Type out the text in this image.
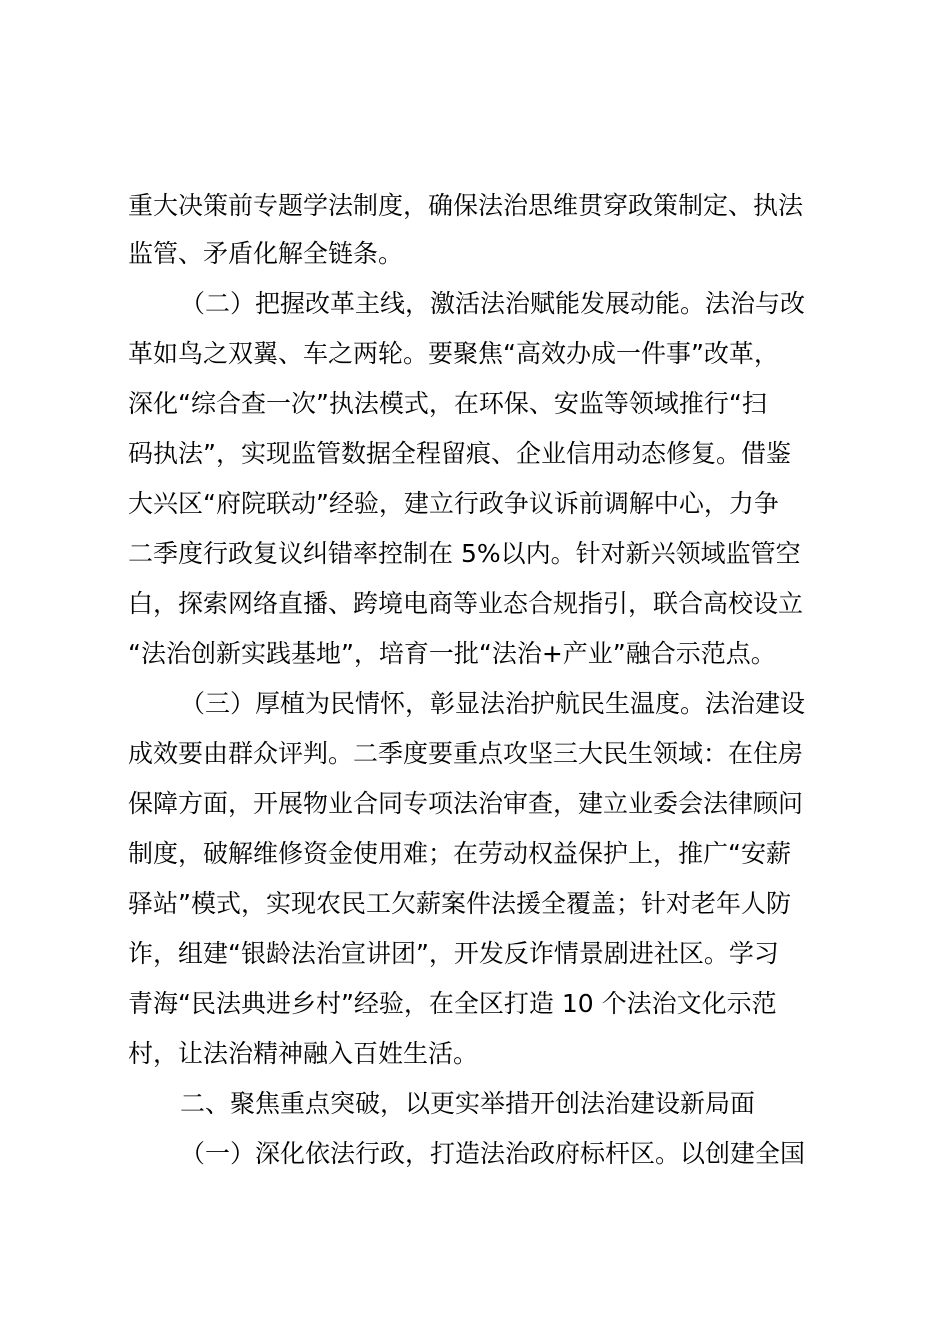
重大决策前专题学法制度，确保法治思维贯穿政策制定、执法
监管、矛盾化解全链条。
（二）把握改革主线，激活法治赋能发展动能。法治与改
革如鸟之双翼、车之两轮。要聚焦“高效办成一件事”改革，
深化“综合查一次”执法模式，在环保、安监等领域推行“扫
码执法”，实现监管数据全程留痕、企业信用动态修复。借鉴
大兴区“府院联动”经验，建立行政争议诉前调解中心，力争
二季度行政复议纠错率控制在 5%以内。针对新兴领域监管空
白，探索网络直播、跨境电商等业态合规指引，联合高校设立
“法治创新实践基地”，培育一批“法治+产业”融合示范点。
（三）厚植为民情怀，彰显法治护航民生温度。法治建设
成效要由群众评判。二季度要重点攻坚三大民生领域：在住房
保障方面，开展物业合同专项法治审查，建立业委会法律顾问
制度，破解维修资金使用难；在劳动权益保护上，推广“安薪
驿站”模式，实现农民工欠薪案件法援全覆盖；针对老年人防
诈，组建“银龄法治宣讲团”，开发反诈情景剧进社区。学习
青海“民法典进乡村”经验，在全区打造 10 个法治文化示范
村，让法治精神融入百姓生活。
二、聚焦重点突破，以更实举措开创法治建设新局面
（一）深化依法行政，打造法治政府标杆区。以创建全国
